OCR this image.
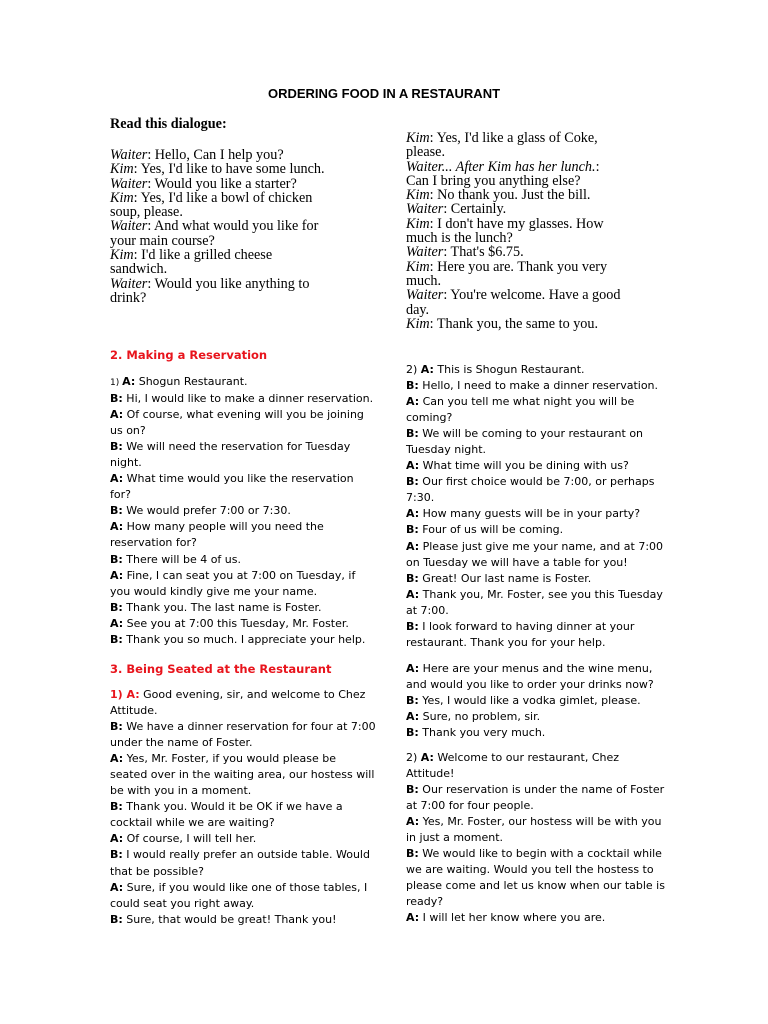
ORDERING FOOD IN A RESTAURANT
Read this dialogue:
Waiter: Hello, Can I help you?
Kim: Yes, I'd like to have some lunch.
Waiter: Would you like a starter?
Kim: Yes, I'd like a bowl of chicken
soup, please.
Waiter: And what would you like for
your main course?
Kim: I'd like a grilled cheese
sandwich.
Waiter: Would you like anything to
drink?
Kim: Yes, I'd like a glass of Coke,
please.
Waiter... After Kim has her lunch.:
Can I bring you anything else?
Kim: No thank you. Just the bill.
Waiter: Certainly.
Kim: I don't have my glasses. How
much is the lunch?
Waiter: That's $6.75.
Kim: Here you are. Thank you very
much.
Waiter: You're welcome. Have a good
day.
Kim: Thank you, the same to you.
2. Making a Reservation
1) A: Shogun Restaurant.
B: Hi, I would like to make a dinner reservation.
A: Of course, what evening will you be joining
us on?
B: We will need the reservation for Tuesday
night.
A: What time would you like the reservation
for?
B: We would prefer 7:00 or 7:30.
A: How many people will you need the
reservation for?
B: There will be 4 of us.
A: Fine, I can seat you at 7:00 on Tuesday, if
you would kindly give me your name.
B: Thank you. The last name is Foster.
A: See you at 7:00 this Tuesday, Mr. Foster.
B: Thank you so much. I appreciate your help.
2) A: This is Shogun Restaurant.
B: Hello, I need to make a dinner reservation.
A: Can you tell me what night you will be
coming?
B: We will be coming to your restaurant on
Tuesday night.
A: What time will you be dining with us?
B: Our first choice would be 7:00, or perhaps
7:30.
A: How many guests will be in your party?
B: Four of us will be coming.
A: Please just give me your name, and at 7:00
on Tuesday we will have a table for you!
B: Great! Our last name is Foster.
A: Thank you, Mr. Foster, see you this Tuesday
at 7:00.
B: I look forward to having dinner at your
restaurant. Thank you for your help.
3. Being Seated at the Restaurant
1) A: Good evening, sir, and welcome to Chez
Attitude.
B: We have a dinner reservation for four at 7:00
under the name of Foster.
A: Yes, Mr. Foster, if you would please be
seated over in the waiting area, our hostess will
be with you in a moment.
B: Thank you. Would it be OK if we have a
cocktail while we are waiting?
A: Of course, I will tell her.
B: I would really prefer an outside table. Would
that be possible?
A: Sure, if you would like one of those tables, I
could seat you right away.
B: Sure, that would be great! Thank you!
A: Here are your menus and the wine menu,
and would you like to order your drinks now?
B: Yes, I would like a vodka gimlet, please.
A: Sure, no problem, sir.
B: Thank you very much.
2) A: Welcome to our restaurant, Chez
Attitude!
B: Our reservation is under the name of Foster
at 7:00 for four people.
A: Yes, Mr. Foster, our hostess will be with you
in just a moment.
B: We would like to begin with a cocktail while
we are waiting. Would you tell the hostess to
please come and let us know when our table is
ready?
A: I will let her know where you are.
